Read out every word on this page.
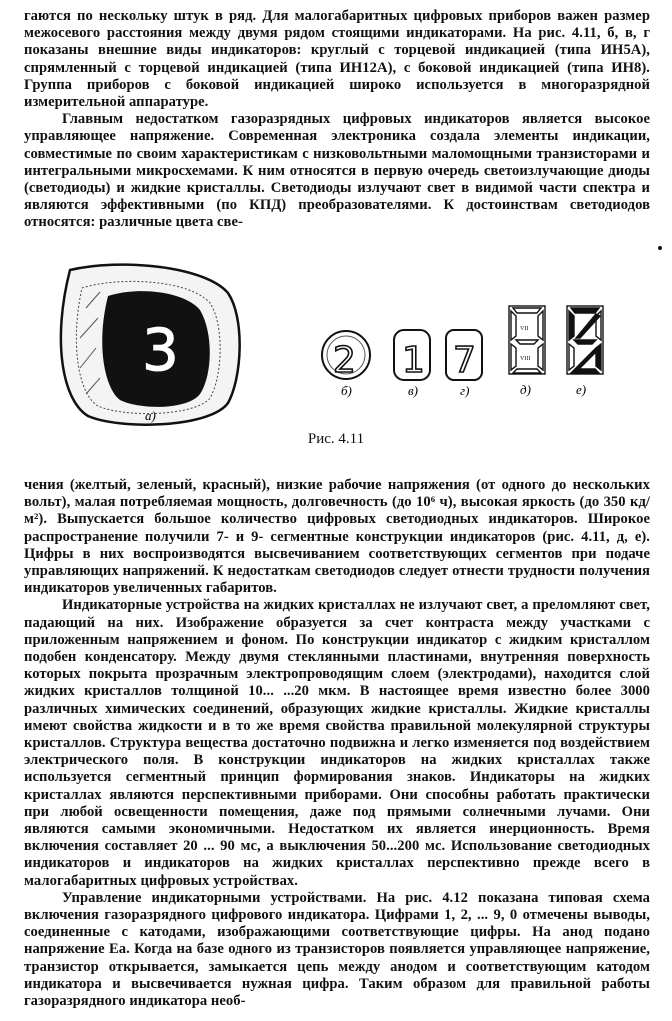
гаются по нескольку штук в ряд. Для малогабаритных цифровых приборов важен размер межосевого расстояния между двумя рядом стоящими индикаторами. На рис. 4.11, б, в, г показаны внешние виды индикаторов: круглый с торцевой индикацией (типа ИН5А), спрямленный с торцевой индикацией (типа ИН12А), с боковой индикацией (типа ИН8). Группа приборов с боковой индикацией широко используется в многоразрядной измерительной аппаратуре.

Главным недостатком газоразрядных цифровых индикаторов является высокое управляющее напряжение. Современная электроника создала элементы индикации, совместимые по своим характеристикам с низковольтными маломощными транзисторами и интегральными микросхемами. К ним относятся в первую очередь светоизлучающие диоды (светодиоды) и жидкие кристаллы. Светодиоды излучают свет в видимой части спектра и являются эффективными (по КПД) преобразователями. К достоинствам светодиодов относятся: различные цвета све-

3
а)
2
б)
1
в)
7
г)
VII
VIII
д)	е)
Рис. 4.11

чения (желтый, зеленый, красный), низкие рабочие напряжения (от одного до нескольких вольт), малая потребляемая мощность, долговечность (до 10⁶ ч), высокая яркость (до 350 кд/м²). Выпускается большое количество цифровых светодиодных индикаторов. Широкое распространение получили 7- и 9- сегментные конструкции индикаторов (рис. 4.11, д, е). Цифры в них воспроизводятся высвечиванием соответствующих сегментов при подаче управляющих напряжений. К недостаткам светодиодов следует отнести трудности получения индикаторов увеличенных габаритов.

Индикаторные устройства на жидких кристаллах не излучают свет, а преломляют свет, падающий на них. Изображение образуется за счет контраста между участками с приложенным напряжением и фоном. По конструкции индикатор с жидким кристаллом подобен конденсатору. Между двумя стеклянными пластинами, внутренняя поверхность которых покрыта прозрачным электропроводящим слоем (электродами), находится слой жидких кристаллов толщиной 10... ...20 мкм. В настоящее время известно более 3000 различных химических соединений, образующих жидкие кристаллы. Жидкие кристаллы имеют свойства жидкости и в то же время свойства правильной молекулярной структуры кристаллов. Структура вещества достаточно подвижна и легко изменяется под воздействием электрического поля. В конструкции индикаторов на жидких кристаллах также используется сегментный принцип формирования знаков. Индикаторы на жидких кристаллах являются перспективными приборами. Они способны работать практически при любой освещенности помещения, даже под прямыми солнечными лучами. Они являются самыми экономичными. Недостатком их является инерционность. Время включения составляет 20 ... 90 мс, а выключения 50...200 мс. Использование светодиодных индикаторов и индикаторов на жидких кристаллах перспективно прежде всего в малогабаритных цифровых устройствах.

Управление индикаторными устройствами. На рис. 4.12 показана типовая схема включения газоразрядного цифрового индикатора. Цифрами 1, 2, ... 9, 0 отмечены выводы, соединенные с катодами, изображающими соответствующие цифры. На анод подано напряжение Еа. Когда на базе одного из транзисторов появляется управляющее напряжение, транзистор открывается, замыкается цепь между анодом и соответствующим катодом индикатора и высвечивается нужная цифра. Таким образом для правильной работы газоразрядного индикатора необ-
